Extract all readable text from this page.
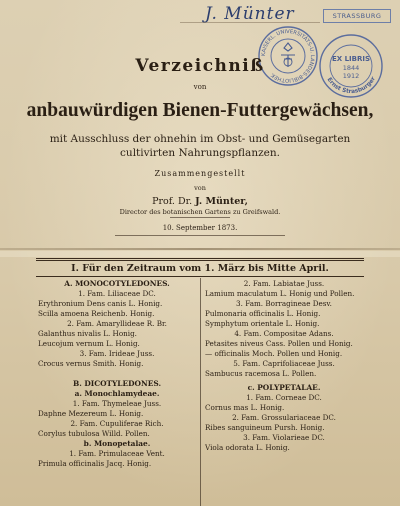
J. Münter	STRASSBURG
KAISERL. UNIVERSITÄTS-U. LANDES-BIBLIOTHEK
Ernst Strasburger
EX LIBRIS
1844
1912
Verzeichniß
von
anbauwürdigen Bienen-Futtergewächsen,
mit Ausschluss der ohnehin im Obst- und Gemüsegarten
cultivirten Nahrungspflanzen.
Zusammengestellt
von
Prof. Dr. J. Münter,
Director des botanischen Gartens zu Greifswald.
10. September 1873.
I. Für den Zeitraum vom 1. März bis Mitte April.
A. MONOCOTYLEDONES.
1. Fam. Liliaceae DC.
Erythronium Dens canis L. Honig.
Scilla amoena Reichenb. Honig.
2. Fam. Amaryllideae R. Br.
Galanthus nivalis L. Honig.
Leucojum vernum L. Honig.
3. Fam. Irideae Juss.
Crocus vernus Smith. Honig.

B. DICOTYLEDONES.
a. Monochlamydeae.
1. Fam. Thymeleae Juss.
Daphne Mezereum L. Honig.
2. Fam. Cupuliferae Rich.
Corylus tubulosa Willd. Pollen.
b. Monopetalae.
1. Fam. Primulaceae Vent.
Primula officinalis Jacq. Honig.
2. Fam. Labiatae Juss.
Lamium maculatum L. Honig und Pollen.
3. Fam. Borragineae Desv.
Pulmonaria officinalis L. Honig.
Symphytum orientale L. Honig.
4. Fam. Compositae Adans.
Petasites niveus Cass. Pollen und Honig.
— officinalis Moch. Pollen und Honig.
5. Fam. Caprifoliaceae Juss.
Sambucus racemosa L. Pollen.
c. POLYPETALAE.
1. Fam. Corneae DC.
Cornus mas L. Honig.
2. Fam. Grossulariaceae DC.
Ribes sanguineum Pursh. Honig.
3. Fam. Violarieae DC.
Viola odorata L. Honig.
